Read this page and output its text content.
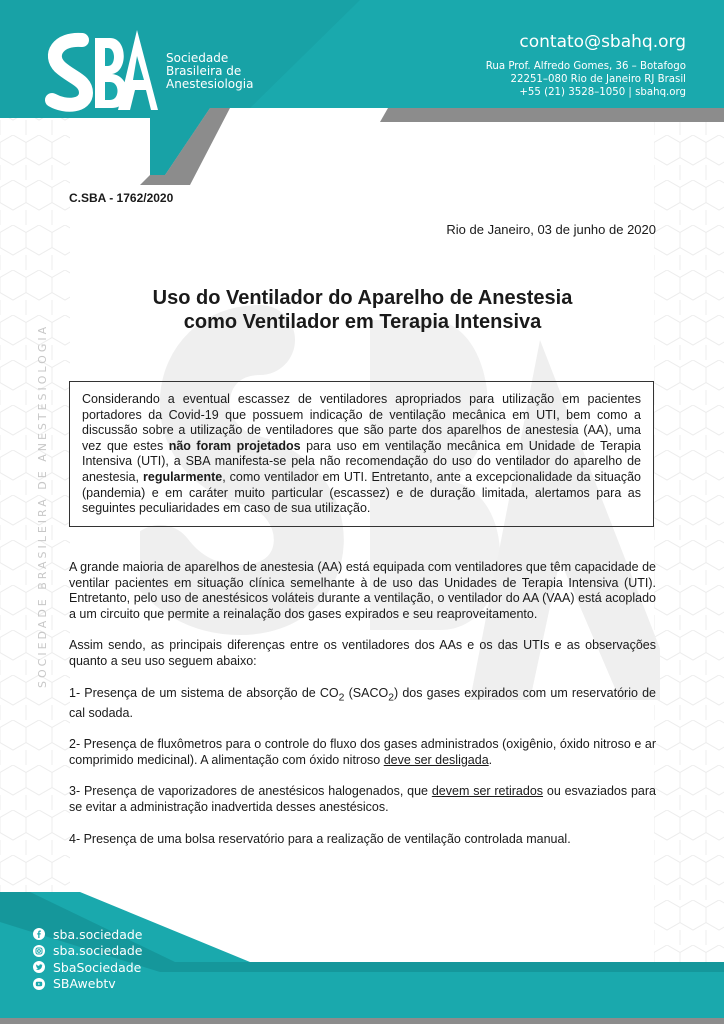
Sociedade
Brasileira de
Anestesiologia
contato@sbahq.org
Rua Prof. Alfredo Gomes, 36 – Botafogo
22251–080 Rio de Janeiro RJ Brasil
+55 (21) 3528–1050 | sbahq.org
SOCIEDADE BRASILEIRA DE ANESTESIOLOGIA
C.SBA - 1762/2020
Rio de Janeiro, 03 de junho de 2020
Uso do Ventilador do Aparelho de Anestesia
como Ventilador em Terapia Intensiva
Considerando a eventual escassez de ventiladores apropriados para utilização em pacientes portadores da Covid-19 que possuem indicação de ventilação mecânica em UTI, bem como a discussão sobre a utilização de ventiladores que são parte dos aparelhos de anestesia (AA), uma vez que estes não foram projetados para uso em ventilação mecânica em Unidade de Terapia Intensiva (UTI), a SBA manifesta-se pela não recomendação do uso do ventilador do aparelho de anestesia, regularmente, como ventilador em UTI. Entretanto, ante a excepcionalidade da situação (pandemia) e em caráter muito particular (escassez) e de duração limitada, alertamos para as seguintes peculiaridades em caso de sua utilização.

A grande maioria de aparelhos de anestesia (AA) está equipada com ventiladores que têm capacidade de ventilar pacientes em situação clínica semelhante à de uso das Unidades de Terapia Intensiva (UTI). Entretanto, pelo uso de anestésicos voláteis durante a ventilação, o ventilador do AA (VAA) está acoplado a um circuito que permite a reinalação dos gases expirados e seu reaproveitamento.

Assim sendo, as principais diferenças entre os ventiladores dos AAs e os das UTIs e as observações quanto a seu uso seguem abaixo:

1- Presença de um sistema de absorção de $CO_2$ $(SACO_2)$ dos gases expirados com um reservatório de cal sodada.

2- Presença de fluxômetros para o controle do fluxo dos gases administrados (oxigênio, óxido nitroso e ar comprimido medicinal). A alimentação com óxido nitroso deve ser desligada.

3- Presença de vaporizadores de anestésicos halogenados, que devem ser retirados ou esvaziados para se evitar a administração inadvertida desses anestésicos.

4- Presença de uma bolsa reservatório para a realização de ventilação controlada manual.

sba.sociedade
sba.sociedade
SbaSociedade
SBAwebtv
